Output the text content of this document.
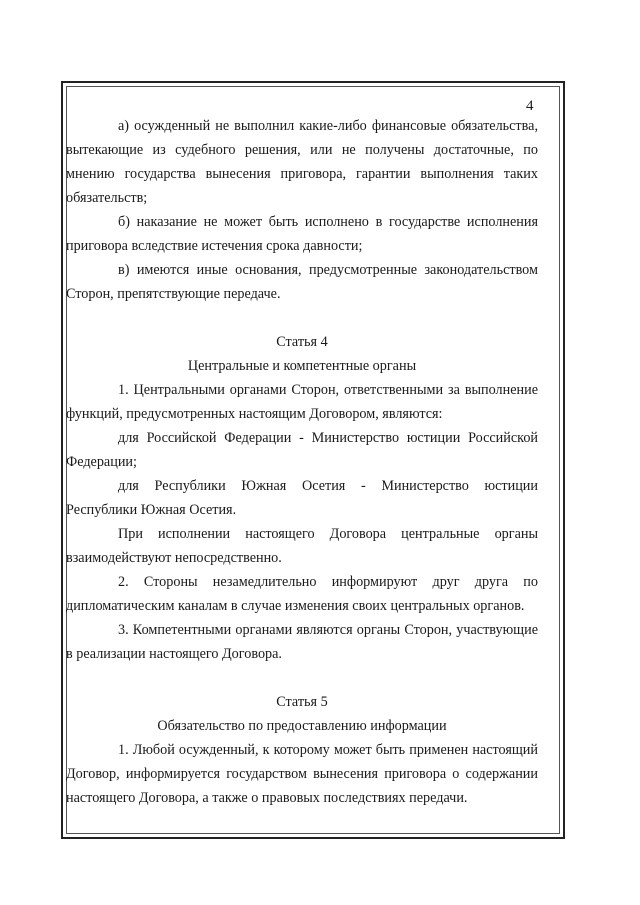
4

а) осужденный не выполнил какие-либо финансовые обязательства, вытекающие из судебного решения, или не получены достаточные, по мнению государства вынесения приговора, гарантии выполнения таких обязательств;

б) наказание не может быть исполнено в государстве исполнения приговора вследствие истечения срока давности;

в) имеются иные основания, предусмотренные законодательством Сторон, препятствующие передаче.

Статья 4

Центральные и компетентные органы

1. Центральными органами Сторон, ответственными за выполнение функций, предусмотренных настоящим Договором, являются:

для Российской Федерации - Министерство юстиции Российской Федерации;

для Республики Южная Осетия - Министерство юстиции Республики Южная Осетия.

При исполнении настоящего Договора центральные органы взаимодействуют непосредственно.

2. Стороны незамедлительно информируют друг друга по дипломатическим каналам в случае изменения своих центральных органов.

3. Компетентными органами являются органы Сторон, участвующие в реализации настоящего Договора.

Статья 5

Обязательство по предоставлению информации

1. Любой осужденный, к которому может быть применен настоящий Договор, информируется государством вынесения приговора о содержании настоящего Договора, а также о правовых последствиях передачи.
